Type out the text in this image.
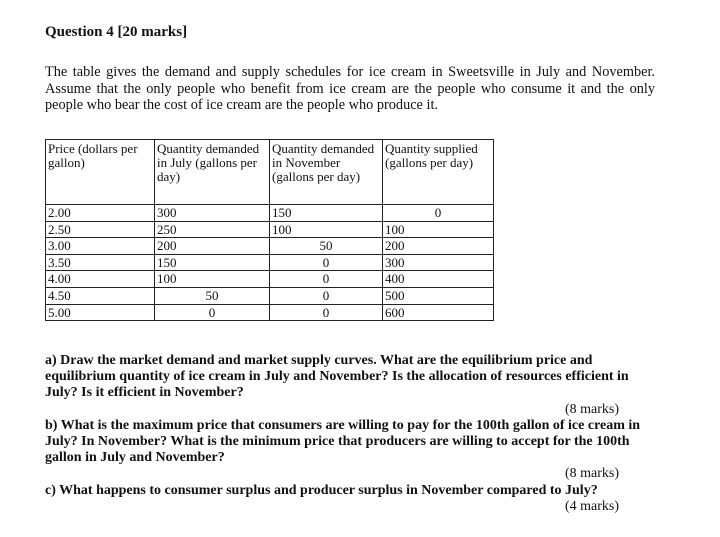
Question 4 [20 marks]
The table gives the demand and supply schedules for ice cream in Sweetsville in July and November. Assume that the only people who benefit from ice cream are the people who consume it and the only people who bear the cost of ice cream are the people who produce it.
Price (dollars per gallon)	Quantity demanded in July (gallons per day)	Quantity demanded in November (gallons per day)	Quantity supplied (gallons per day)

2.00	300	150	0
2.50	250	100	100
3.00	200	50	200
3.50	150	0	300
4.00	100	0	400
4.50	50	0	500
5.00	0	0	600

a) Draw the market demand and market supply curves. What are the equilibrium price and equilibrium quantity of ice cream in July and November? Is the allocation of resources efficient in July? Is it efficient in November?
(8 marks)

b) What is the maximum price that consumers are willing to pay for the 100th gallon of ice cream in July? In November? What is the minimum price that producers are willing to accept for the 100th gallon in July and November?
(8 marks)

c) What happens to consumer surplus and producer surplus in November compared to July?
(4 marks)
